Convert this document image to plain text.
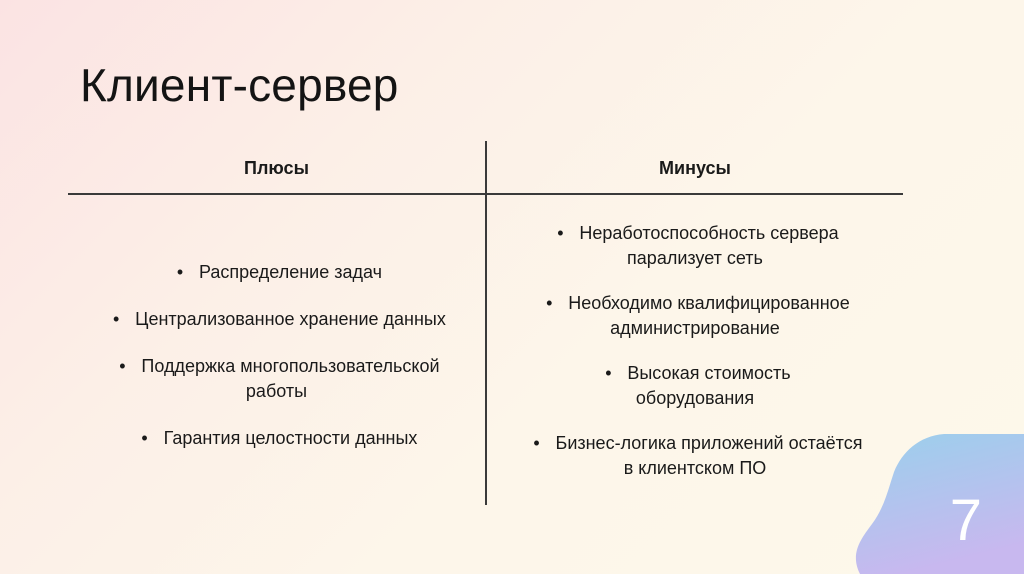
Клиент-сервер
Плюсы	Минусы
• Распределение задач
• Централизованное хранение данных
• Поддержка многопользовательской
работы
• Гарантия целостности данных
• Неработоспособность сервера
парализует сеть
• Необходимо квалифицированное
администрирование
• Высокая стоимость
оборудования
• Бизнес-логика приложений остаётся
в клиентском ПО
7
